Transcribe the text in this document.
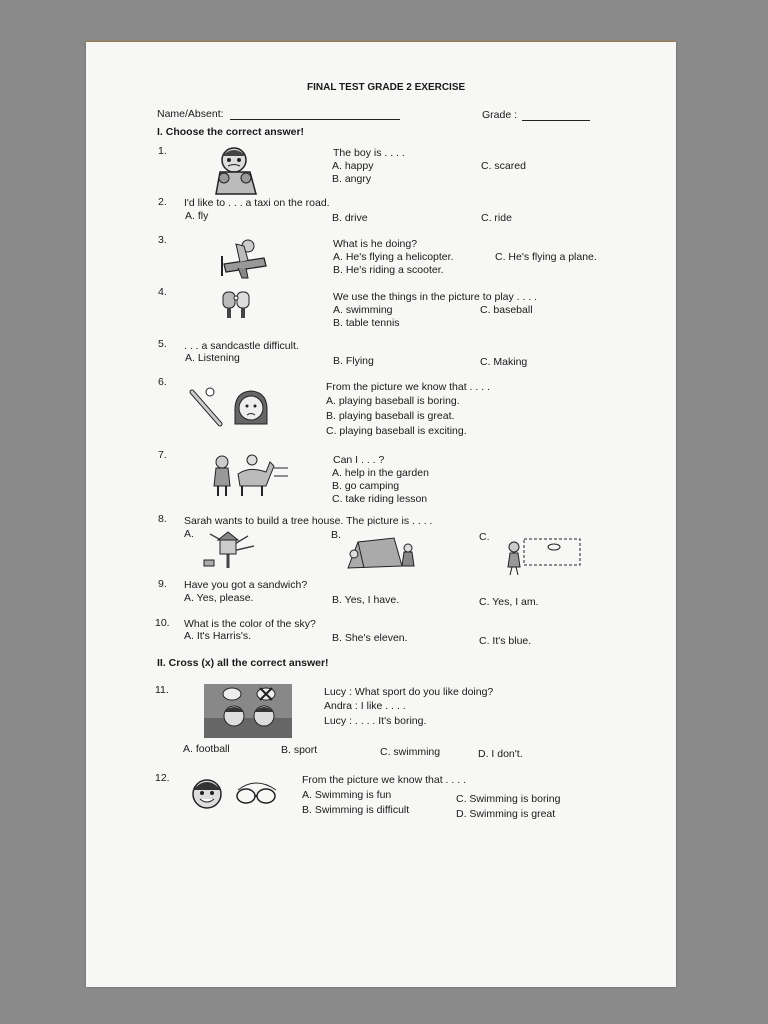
FINAL TEST GRADE 2 EXERCISE
Name/Absent:	Grade :
I. Choose the correct answer!
1.	The boy is . . . .
A. happy
B. angry
C. scared
2. I'd like to . . . a taxi on the road.
A. fly	B. drive	C. ride
3.	What is he doing?
A. He's flying a helicopter.
B. He's riding a scooter.
C. He's flying a plane.
4.	We use the things in the picture to play . . . .
A. swimming
B. table tennis
C. baseball
5. . . . a sandcastle difficult.
A. Listening	B. Flying	C. Making
6.	From the picture we know that . . . .
A. playing baseball is boring.
B. playing baseball is great.
C. playing baseball is exciting.
7.	Can I . . . ?
A. help in the garden
B. go camping
C. take riding lesson
8. Sarah wants to build a tree house. The picture is . . . .
A.	B.	C.
9. Have you got a sandwich?
A. Yes, please.	B. Yes, I have.	C. Yes, I am.
10. What is the color of the sky?
A. It's Harris's.	B. She's eleven.	C. It's blue.
II. Cross (x) all the correct answer!
11.	Lucy : What sport do you like doing?
Andra : I like . . . .
Lucy : . . . . It's boring.
A. football	B. sport	C. swimming	D. I don't.
12.	From the picture we know that . . . .
A. Swimming is fun
B. Swimming is difficult
C. Swimming is boring
D. Swimming is great
